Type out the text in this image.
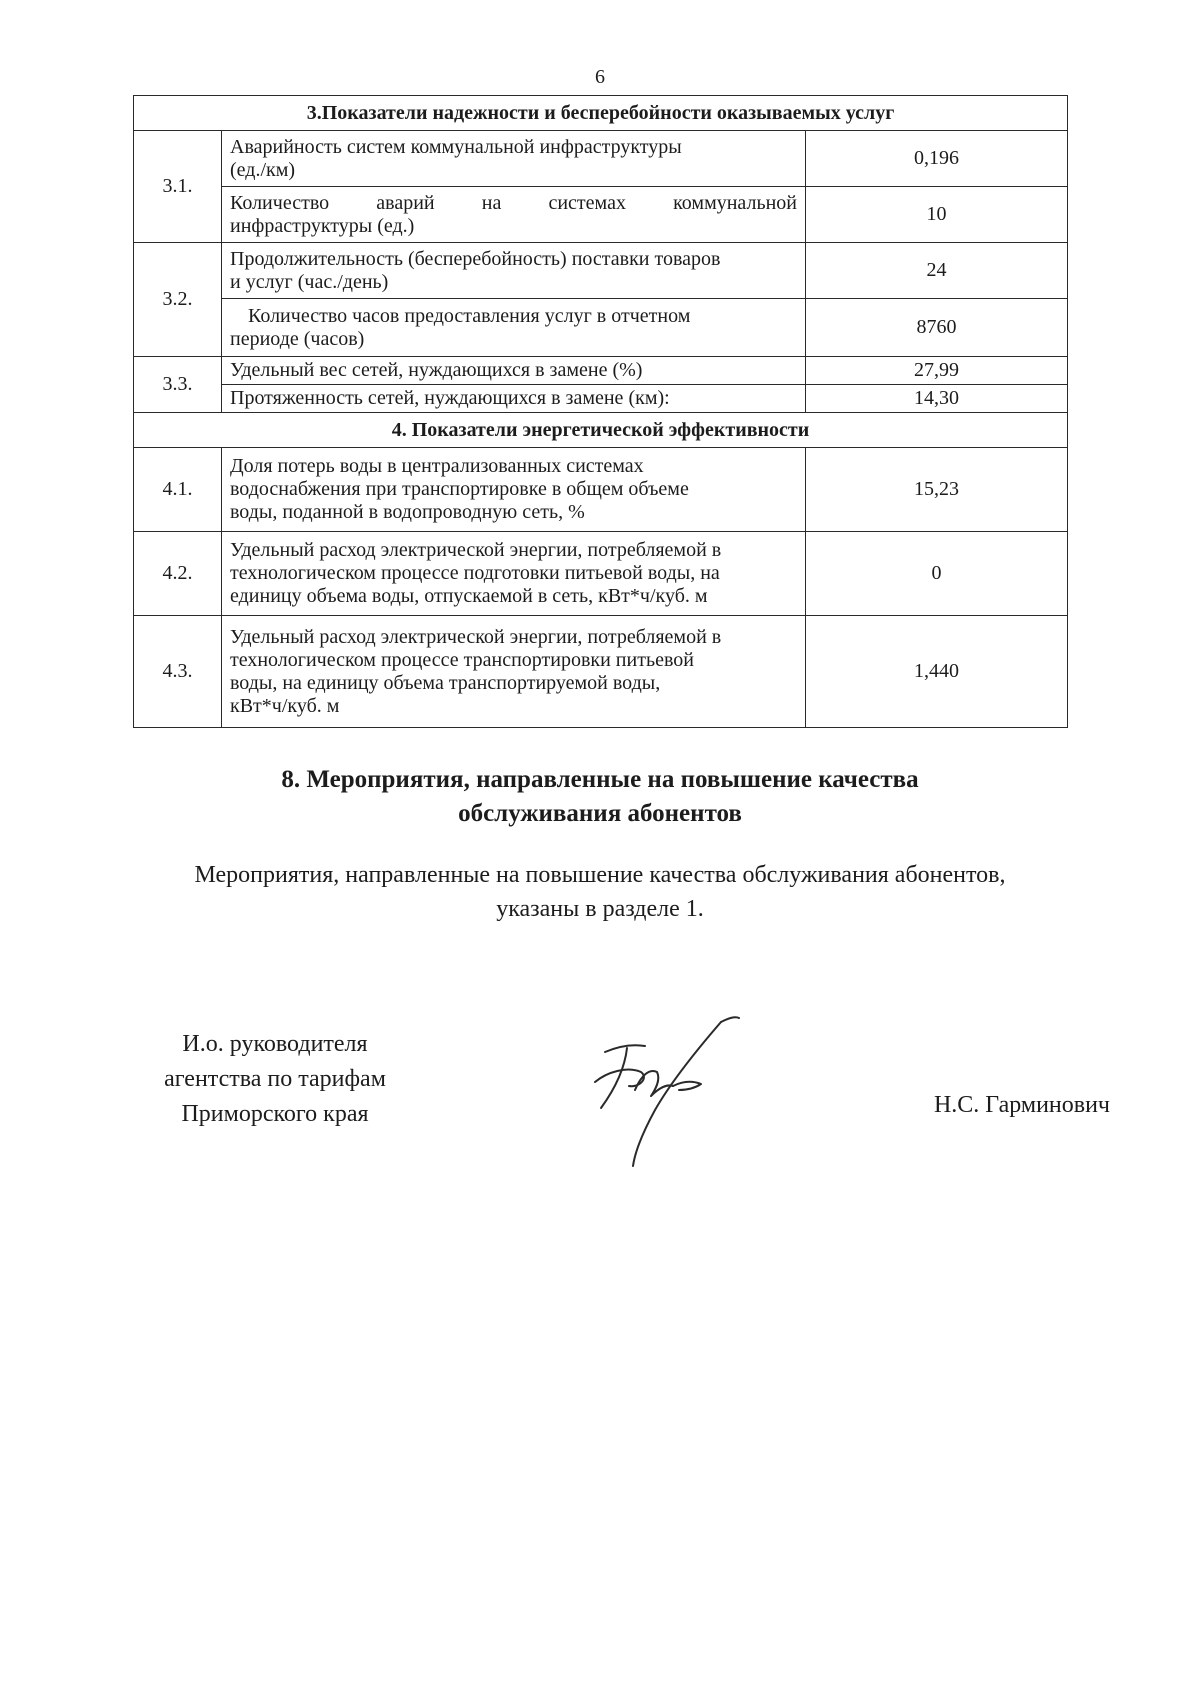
6
3.Показатели надежности и бесперебойности оказываемых услуг		
3.1.	Аварийность систем коммунальной инфраструктуры
(ед./км)	0,196
	Количество аварий на системах коммунальной
инфраструктуры (ед.)	10
3.2.	Продолжительность (бесперебойность) поставки товаров
и услуг (час./день)	24

	Количество часов предоставления услуг в отчетном
периоде (часов)	8760
3.3.	Удельный вес сетей, нуждающихся в замене (%)	27,99
	Протяженность сетей, нуждающихся в замене (км):	14,30
4. Показатели энергетической эффективности		
4.1.	Доля потерь воды в централизованных системах
водоснабжения при транспортировке в общем объеме
воды, поданной в водопроводную сеть, %	15,23
4.2.	Удельный расход электрической энергии, потребляемой в
технологическом процессе подготовки питьевой воды, на
единицу объема воды, отпускаемой в сеть, кВт*ч/куб. м	0
4.3.	Удельный расход электрической энергии, потребляемой в
технологическом процессе транспортировки питьевой
воды, на единицу объема транспортируемой воды,
кВт*ч/куб. м	1,440
8. Мероприятия, направленные на повышение качества
обслуживания абонентов
Мероприятия, направленные на повышение качества обслуживания абонентов,
указаны в разделе 1.
И.о. руководителя
агентства по тарифам
Приморского края	Н.С. Гарминович
